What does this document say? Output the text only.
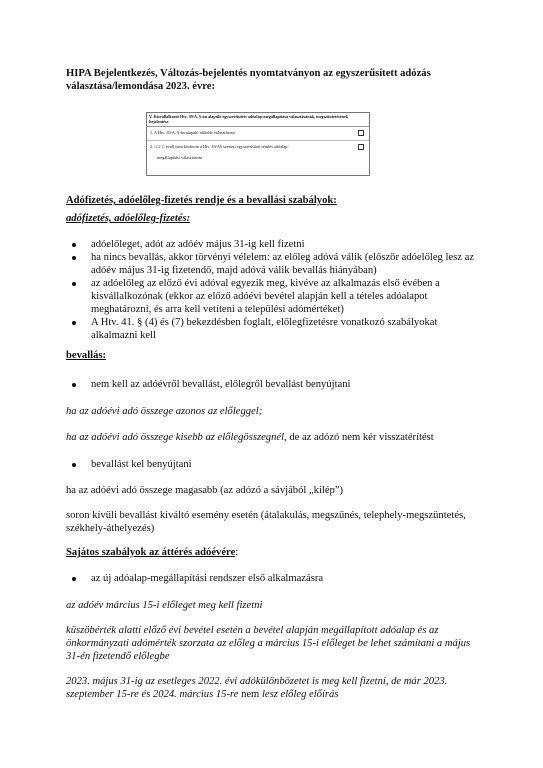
HIPA Bejelentkezés, Változás-bejelentés nyomtatványon az egyszerűsített adózás választása/lemondása 2023. évre:
V. Kisvállalkozói Htv. 39/A. §-án alapuló egyszerűsített adóalap-megállapítása választásának, megszűntetésének bejelentése
1. A Htv. 39/A. §-án alapuló időtöbb választásom
2. □□□□ évtől neni kívánom a Htv. 39/A§ szerinti egyszerűsített térülés adóalap-
megállapítási választásom
Adófizetés, adóelőleg-fizetés rendje és a bevallási szabályok:
adófizetés, adóelőleg-fizetés:
adóelőleget, adót az adóév május 31-ig kell fizetni
ha nincs bevallás, akkor törvényi vélelem: az előleg adóvá válik (először adóelőleg lesz az adóév május 31-ig fizetendő, majd adóvá válik bevallás hiányában)
az adóelőleg az előző évi adóval egyezik meg, kivéve az alkalmazás első évében a kisvállalkozónak (ekkor az előző adóévi bevétel alapján kell a tételes adóalapot meghatározni, és arra kell vetíteni a települési adómértéket)
A Htv. 41. § (4) és (7) bekezdésben foglalt, előlegfizetésre vonatkozó szabályokat alkalmazni kell
bevallás:
nem kell az adóévről bevallást, előlegről bevallást benyújtani
ha az adóévi adó összege azonos az előleggel;
ha az adóévi adó összege kisebb az előlegösszegnél, de az adózó nem kér visszatérítést
bevallást kel benyújtani
ha az adóévi adó összege magasabb (az adózó a sávjából „kilép”)
soron kívüli bevallást kiváltó esemény esetén (átalakulás, megszűnés, telephely-megszüntetés, székhely-áthelyezés)
Sajátos szabályok az áttérés adóévére:
az új adóalap-megállapítási rendszer első alkalmazásra
az adóév március 15-i előleget meg kell fizetni
küszöbérték alatti előző évi bevétel esetén a bevétel alapján megállapított adóalap és az önkormányzati adómérték szorzata az előleg a március 15-i előleget be lehet számítani a május 31-én fizetendő előlegbe
2023. május 31-ig az esetleges 2022. évi adókülönbözetet is meg kell fizetni, de már 2023. szeptember 15-re és 2024. március 15-re nem lesz előleg előírás
